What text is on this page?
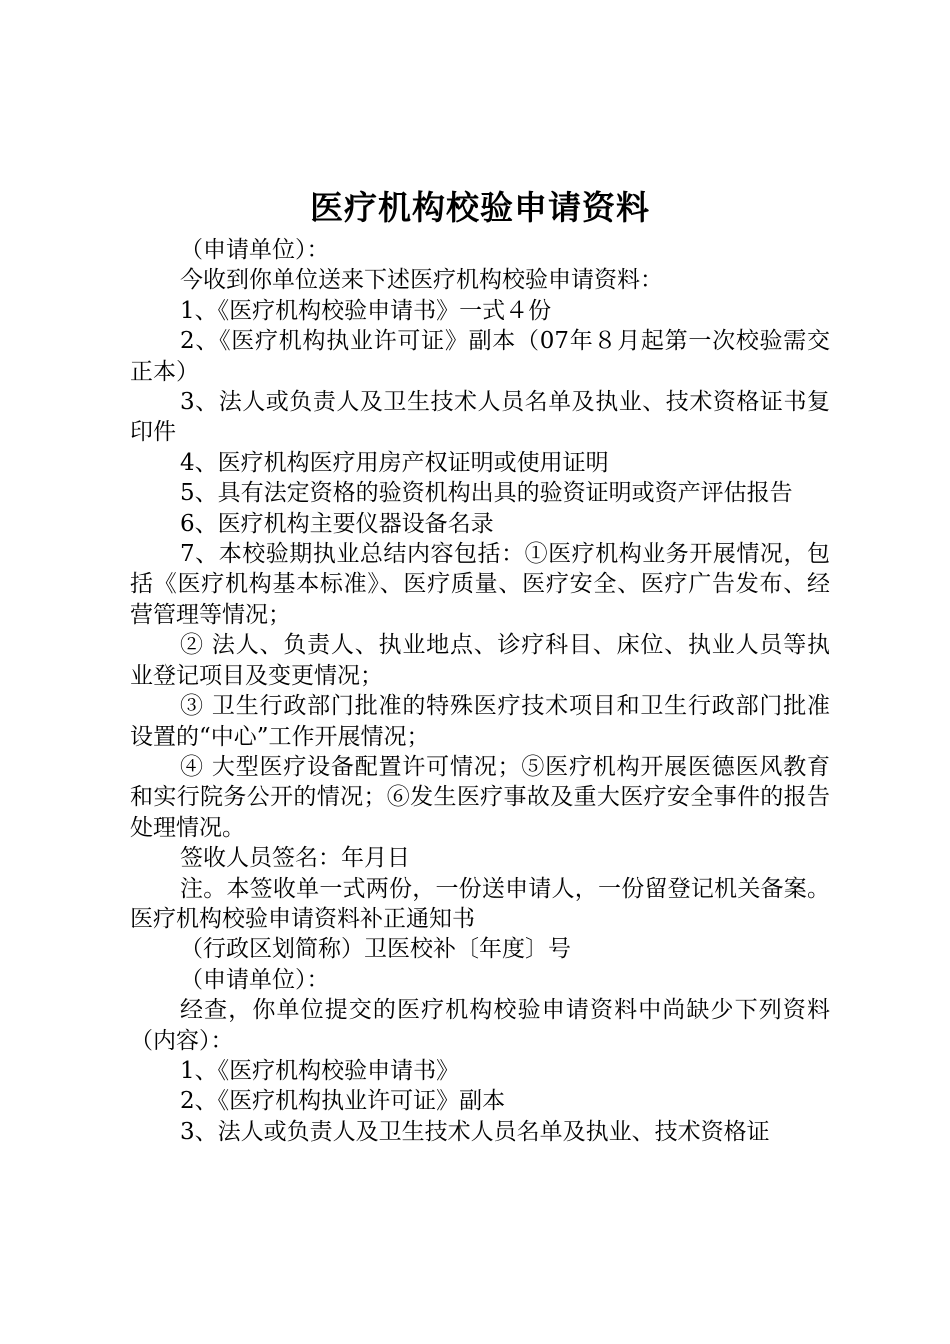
医疗机构校验申请资料

（申请单位）：

今收到你单位送来下述医疗机构校验申请资料：

1、《医疗机构校验申请书》一式４份

2、《医疗机构执业许可证》副本（07年８月起第一次校验需交正本）

3、法人或负责人及卫生技术人员名单及执业、技术资格证书复印件

4、医疗机构医疗用房产权证明或使用证明

5、具有法定资格的验资机构出具的验资证明或资产评估报告

6、医疗机构主要仪器设备名录

7、本校验期执业总结内容包括：①医疗机构业务开展情况，包括《医疗机构基本标准》、医疗质量、医疗安全、医疗广告发布、经营管理等情况；

② 法人、负责人、执业地点、诊疗科目、床位、执业人员等执业登记项目及变更情况；

③ 卫生行政部门批准的特殊医疗技术项目和卫生行政部门批准设置的“中心”工作开展情况；

④ 大型医疗设备配置许可情况；⑤医疗机构开展医德医风教育和实行院务公开的情况；⑥发生医疗事故及重大医疗安全事件的报告处理情况。

签收人员签名：年月日

注。本签收单一式两份，一份送申请人，一份留登记机关备案。医疗机构校验申请资料补正通知书

（行政区划简称）卫医校补〔年度〕号

（申请单位）：

经查，你单位提交的医疗机构校验申请资料中尚缺少下列资料（内容）：

1、《医疗机构校验申请书》

2、《医疗机构执业许可证》副本

3、法人或负责人及卫生技术人员名单及执业、技术资格证
